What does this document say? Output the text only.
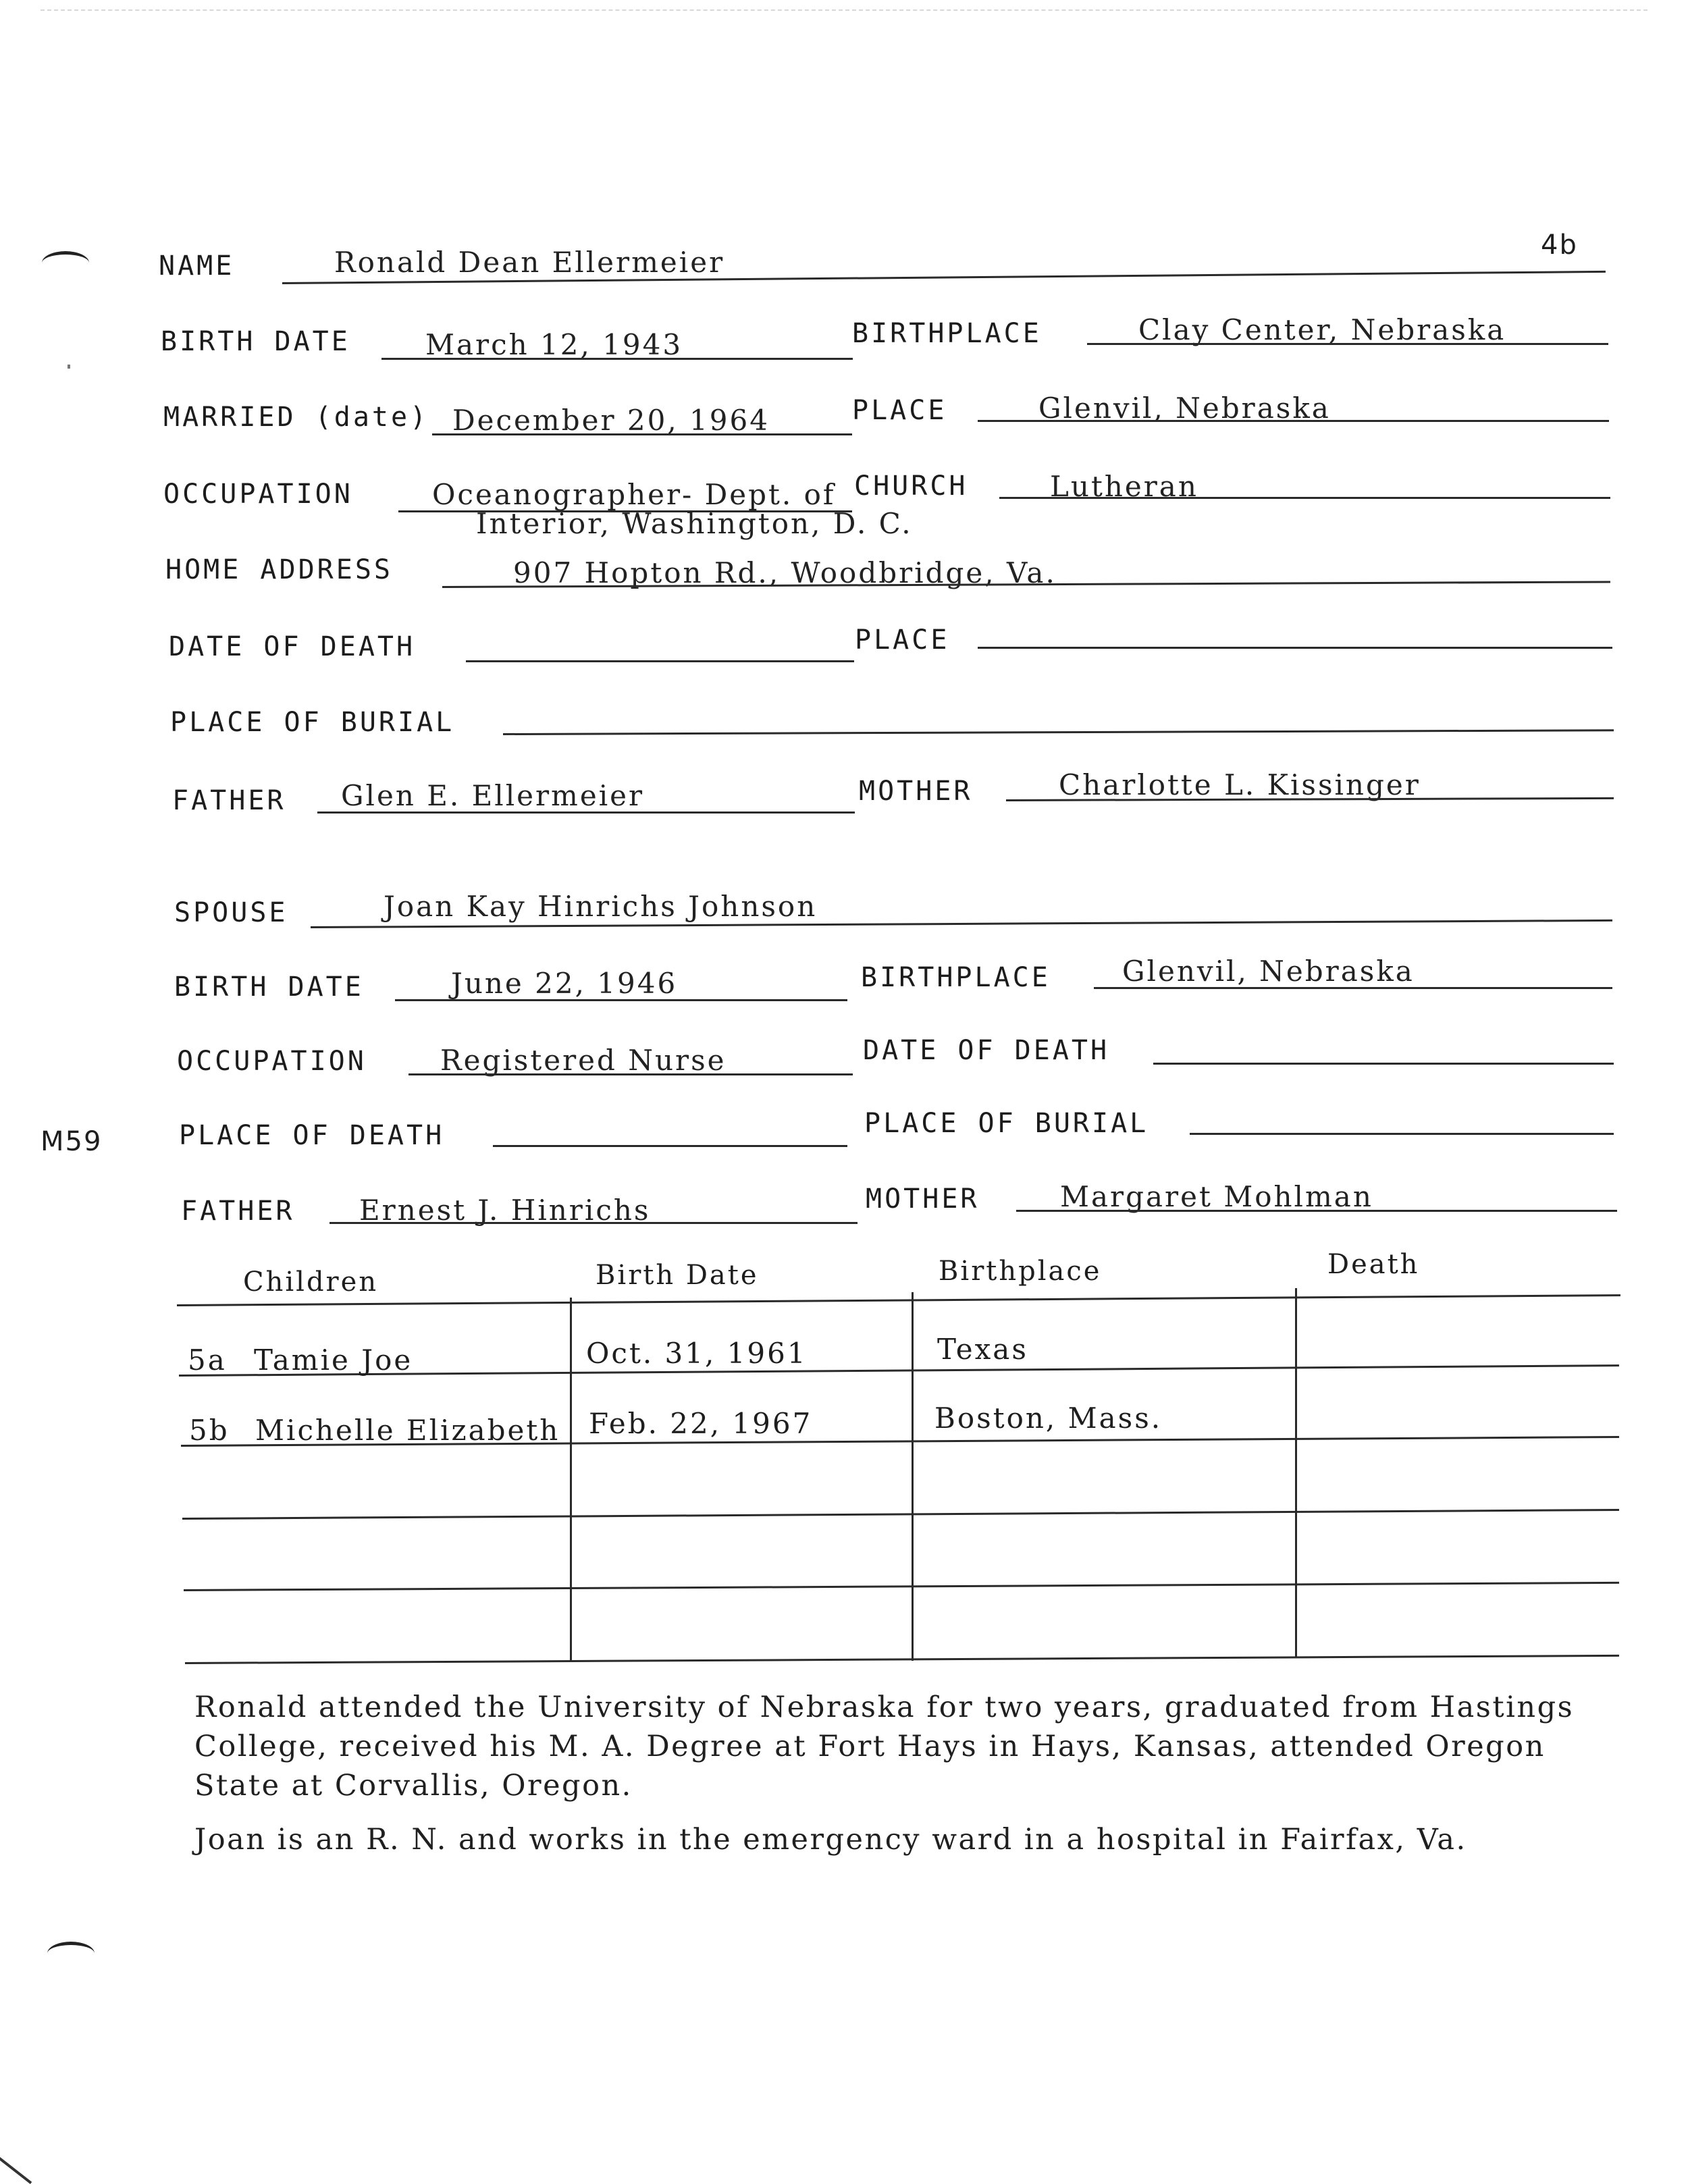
4b
M59
NAME	Ronald Dean Ellermeier
BIRTH DATE	March 12, 1943	BIRTHPLACE	Clay Center, Nebraska
MARRIED (date) December 20, 1964	PLACE	Glenvil, Nebraska
OCCUPATION	Oceanographer- Dept. of
Interior, Washington, D. C.
CHURCH	Lutheran
HOME ADDRESS	907 Hopton Rd., Woodbridge, Va.
DATE OF DEATH	PLACE
PLACE OF BURIAL
FATHER Glen E. Ellermeier	MOTHER	Charlotte L. Kissinger
SPOUSE	Joan Kay Hinrichs Johnson
BIRTH DATE	June 22, 1946	BIRTHPLACE	Glenvil, Nebraska
OCCUPATION	Registered Nurse	DATE OF DEATH
PLACE OF DEATH	PLACE OF BURIAL
FATHER Ernest J. Hinrichs	MOTHER	Margaret Mohlman
Children	Birth Date	Birthplace	Death
5a Tamie Joe	Oct. 31, 1961	Texas
5b Michelle Elizabeth Feb. 22, 1967	Boston, Mass.

Ronald attended the University of Nebraska for two years, graduated from Hastings College, received his M. A. Degree at Fort Hays in Hays, Kansas, attended Oregon State at Corvallis, Oregon.

Joan is an R. N. and works in the emergency ward in a hospital in Fairfax, Va.
